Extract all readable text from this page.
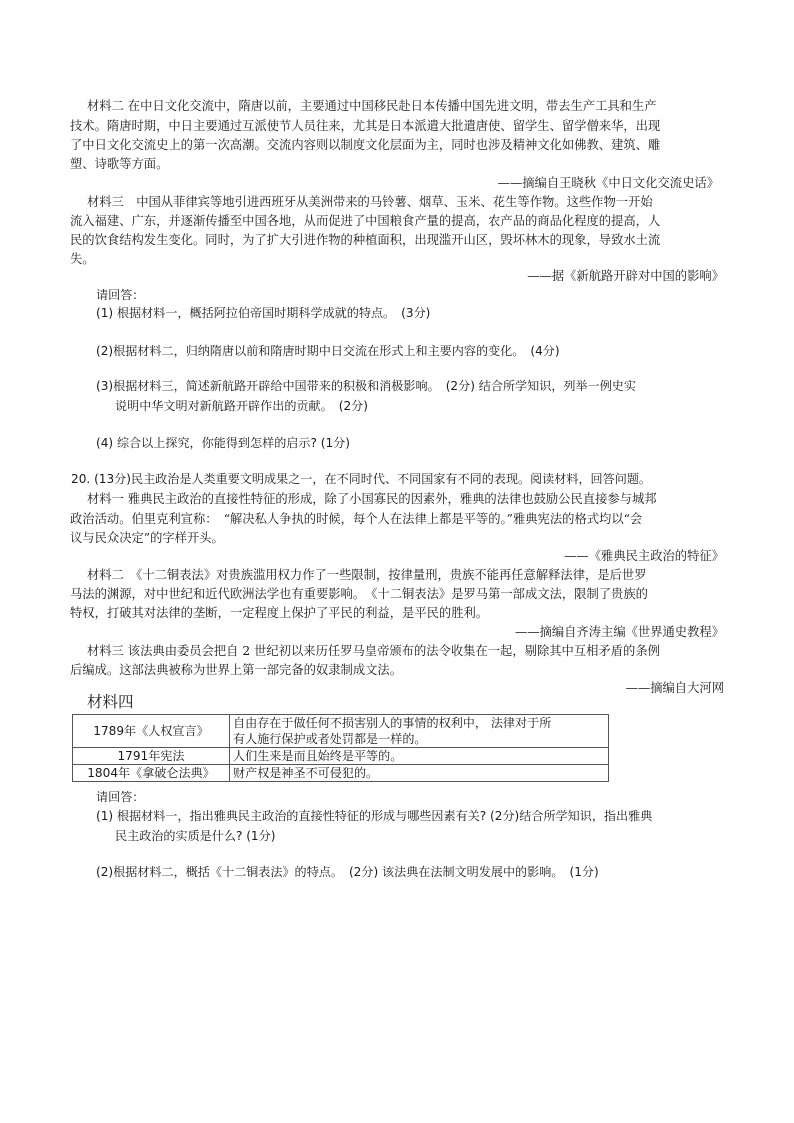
材料二 在中日文化交流中，隋唐以前，主要通过中国移民赴日本传播中国先进文明，带去生产工具和生产
技术。隋唐时期，中日主要通过互派使节人员往来，尤其是日本派遣大批遣唐使、留学生、留学僧来华，出现
了中日文化交流史上的第一次高潮。交流内容则以制度文化层面为主，同时也涉及精神文化如佛教、建筑、雕
塑、诗歌等方面。
——摘编自王晓秋《中日文化交流史话》
材料三　中国从菲律宾等地引进西班牙从美洲带来的马铃薯、烟草、玉米、花生等作物。这些作物一开始
流入福建、广东，并逐渐传播至中国各地，从而促进了中国粮食产量的提高，农产品的商品化程度的提高，人
民的饮食结构发生变化。同时，为了扩大引进作物的种植面积，出现滥开山区，毁坏林木的现象，导致水土流
失。
——据《新航路开辟对中国的影响》
请回答：
(1) 根据材料一，概括阿拉伯帝国时期科学成就的特点。　(3分)
(2)根据材料二，归纳隋唐以前和隋唐时期中日交流在形式上和主要内容的变化。　(4分)
(3)根据材料三，简述新航路开辟给中国带来的积极和消极影响。　(2分) 结合所学知识，列举一例史实
说明中华文明对新航路开辟作出的贡献。　(2分)
(4) 综合以上探究，你能得到怎样的启示? (1分)
20. (13分)民主政治是人类重要文明成果之一，在不同时代、不同国家有不同的表现。阅读材料，回答问题。
材料一 雅典民主政治的直接性特征的形成，除了小国寡民的因素外，雅典的法律也鼓励公民直接参与城邦
政治活动。伯里克利宣称：　“解决私人争执的时候，每个人在法律上都是平等的。”雅典宪法的格式均以“会
议与民众决定”的字样开头。
——《雅典民主政治的特征》
材料二　《十二铜表法》对贵族滥用权力作了一些限制，按律量刑，贵族不能再任意解释法律，是后世罗
马法的渊源，对中世纪和近代欧洲法学也有重要影响。　《十二铜表法》是罗马第一部成文法，限制了贵族的
特权，打破其对法律的垄断，一定程度上保护了平民的利益，是平民的胜利。
——摘编自齐涛主编《世界通史教程》
材料三 该法典由委员会把自 2 世纪初以来历任罗马皇帝颁布的法令收集在一起，剔除其中互相矛盾的条例
后编成。这部法典被称为世界上第一部完备的奴隶制成文法。
——摘编自大河网
材料四
1789年《人权宣言》	自由存在于做任何不损害别人的事情的权利中， 法律对于所
有人施行保护或者处罚都是一样的。

1791年宪法	人们生来是而且始终是平等的。
1804年《拿破仑法典》	财产权是神圣不可侵犯的。
请回答：
(1) 根据材料一，指出雅典民主政治的直接性特征的形成与哪些因素有关? (2分)结合所学知识，指出雅典
民主政治的实质是什么? (1分)
(2)根据材料二，概括《十二铜表法》的特点。　(2分) 该法典在法制文明发展中的影响。　(1分)
